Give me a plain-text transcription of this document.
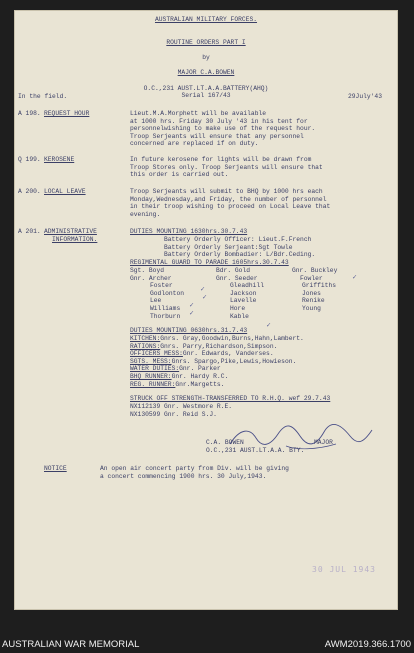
AUSTRALIAN MILITARY FORCES.
ROUTINE ORDERS PART I
by
MAJOR C.A.BOWEN
O.C.,231 AUST.LT.A.A.BATTERY(AHQ)
In the field.	Serial 167/43	29July'43
A 198. REQUEST HOUR	Lieut.M.A.Morphett will be available
at 1000 hrs. Friday 30 July '43 in his tent for
personnelwishing to make use of the request hour.
Troop Serjeants will ensure that any personnel
concerned are replaced if on duty.
Q 199. KEROSENE	In future kerosene for lights will be drawn from
Troop Stores only. Troop Serjeants will ensure that
this order is carried out.
A 200. LOCAL LEAVE	Troop Serjeants will submit to BHQ by 1000 hrs each
Monday,Wednesday,and Friday, the number of personnel
in their troop wishing to proceed on Local Leave that
evening.
A 201. ADMINISTRATIVE
INFORMATION.
DUTIES MOUNTING 1630hrs.30.7.43
Battery Orderly Officer: Lieut.F.French
Battery Orderly Serjeant:Sgt Towle
Battery Orderly Bombadier: L/Bdr.Ceding.
REGIMENTAL GUARD TO PARADE 1605hrs.30.7.43
Sgt. Boyd	Bdr. Gold	Gnr. Buckley
Gnr. Archer	Gnr. Seeder	Fowler
Foster	Gleadhill	Griffiths
Godlonton	Jackson	Jones
Lee	Lavelle	Renike
Williams	Hore	Young
Thorburn	Kable
✓
✓
✓
✓
✓
✓
DUTIES MOUNTING 0630hrs.31.7.43
KITCHEN:Gnrs. Gray,Goodwin,Burns,Hahn,Lambert.
RATIONS:Gnrs. Parry,Richardson,Simpson.
OFFICERS MESS:Gnr. Edwards, Vanderses.
SGTS. MESS:Gnrs. Spargo,Pike,Lewis,Howieson.
WATER DUTIES:Gnr. Parker
BHQ RUNNER:Gnr. Hardy R.C.
REG. RUNNER:Gnr.Margetts.
STRUCK OFF STRENGTH-TRANSFERRED TO R.H.Q. wef 29.7.43
NX112139 Gnr. Westmore R.E.
NX130599 Gnr. Reid S.J.
C.A. BOWEN	MAJOR
O.C.,231 AUST.LT.A.A. BTY.
NOTICE	An open air concert party from Div. will be giving
a concert commencing 1900 hrs. 30 July,1943.
30 JUL 1943
AUSTRALIAN WAR MEMORIAL	AWM2019.366.1700
